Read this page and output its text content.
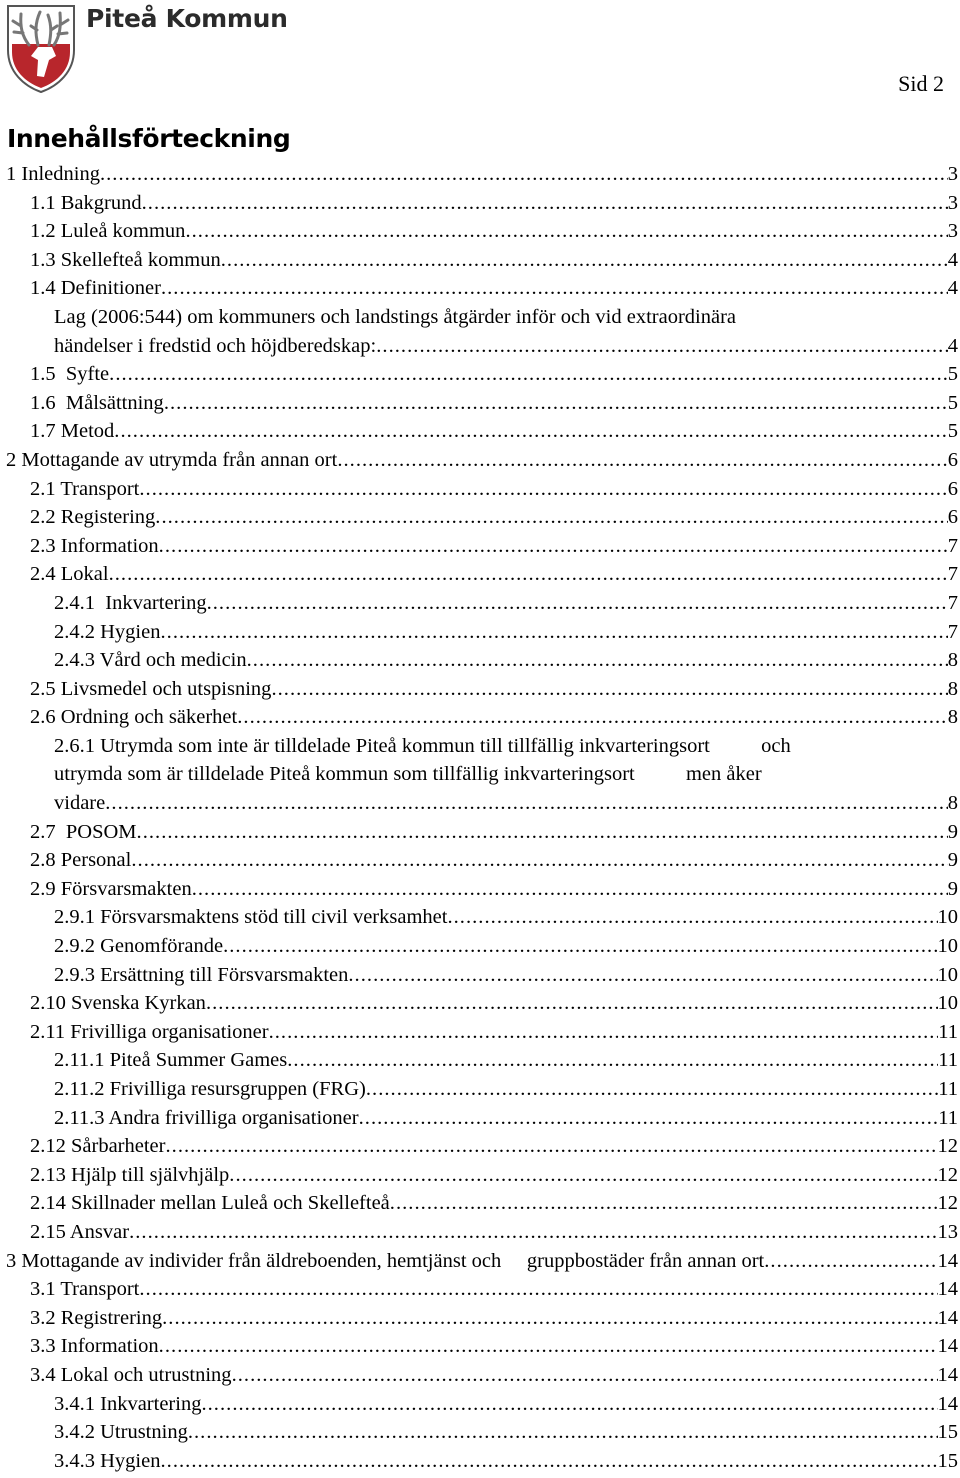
Piteå Kommun
Sid 2
Innehållsförteckning
1 Inledning .....	3
1.1 Bakgrund .....	3
1.2 Luleå kommun .....	3
1.3 Skellefteå kommun .....	4
1.4 Definitioner .....	4
Lag (2006:544) om kommuners och landstings åtgärder inför och vid extraordinära
händelser i fredstid och höjdberedskap: .....	4
1.5  Syfte .....	5
1.6  Målsättning .....	5
1.7 Metod .....	5
2 Mottagande av utrymda från annan ort .....	6
2.1 Transport .....	6
2.2 Registering .....	6
2.3 Information .....	7
2.4 Lokal .....	7
2.4.1  Inkvartering .....	7
2.4.2 Hygien .....	7
2.4.3 Vård och medicin .....	8
2.5 Livsmedel och utspisning .....	8
2.6 Ordning och säkerhet .....	8
2.6.1 Utrymda som inte är tilldelade Piteå kommun till tillfällig inkvarteringsort          och
utrymda som är tilldelade Piteå kommun som tillfällig inkvarteringsort          men åker
vidare .....	8
2.7  POSOM .....	9
2.8 Personal .....	9
2.9 Försvarsmakten .....	9
2.9.1 Försvarsmaktens stöd till civil verksamhet .....	10
2.9.2 Genomförande .....	10
2.9.3 Ersättning till Försvarsmakten .....	10
2.10 Svenska Kyrkan .....	10
2.11 Frivilliga organisationer .....	11
2.11.1 Piteå Summer Games .....	11
2.11.2 Frivilliga resursgruppen (FRG) .....	11
2.11.3 Andra frivilliga organisationer .....	11
2.12 Sårbarheter .....	12
2.13 Hjälp till självhjälp .....	12
2.14 Skillnader mellan Luleå och Skellefteå .....	12
2.15 Ansvar .....	13
3 Mottagande av individer från äldreboenden, hemtjänst och     gruppbostäder från annan ort .....	14
3.1 Transport .....	14
3.2 Registrering .....	14
3.3 Information .....	14
3.4 Lokal och utrustning .....	14
3.4.1 Inkvartering .....	14
3.4.2 Utrustning .....	15
3.4.3 Hygien .....	15
